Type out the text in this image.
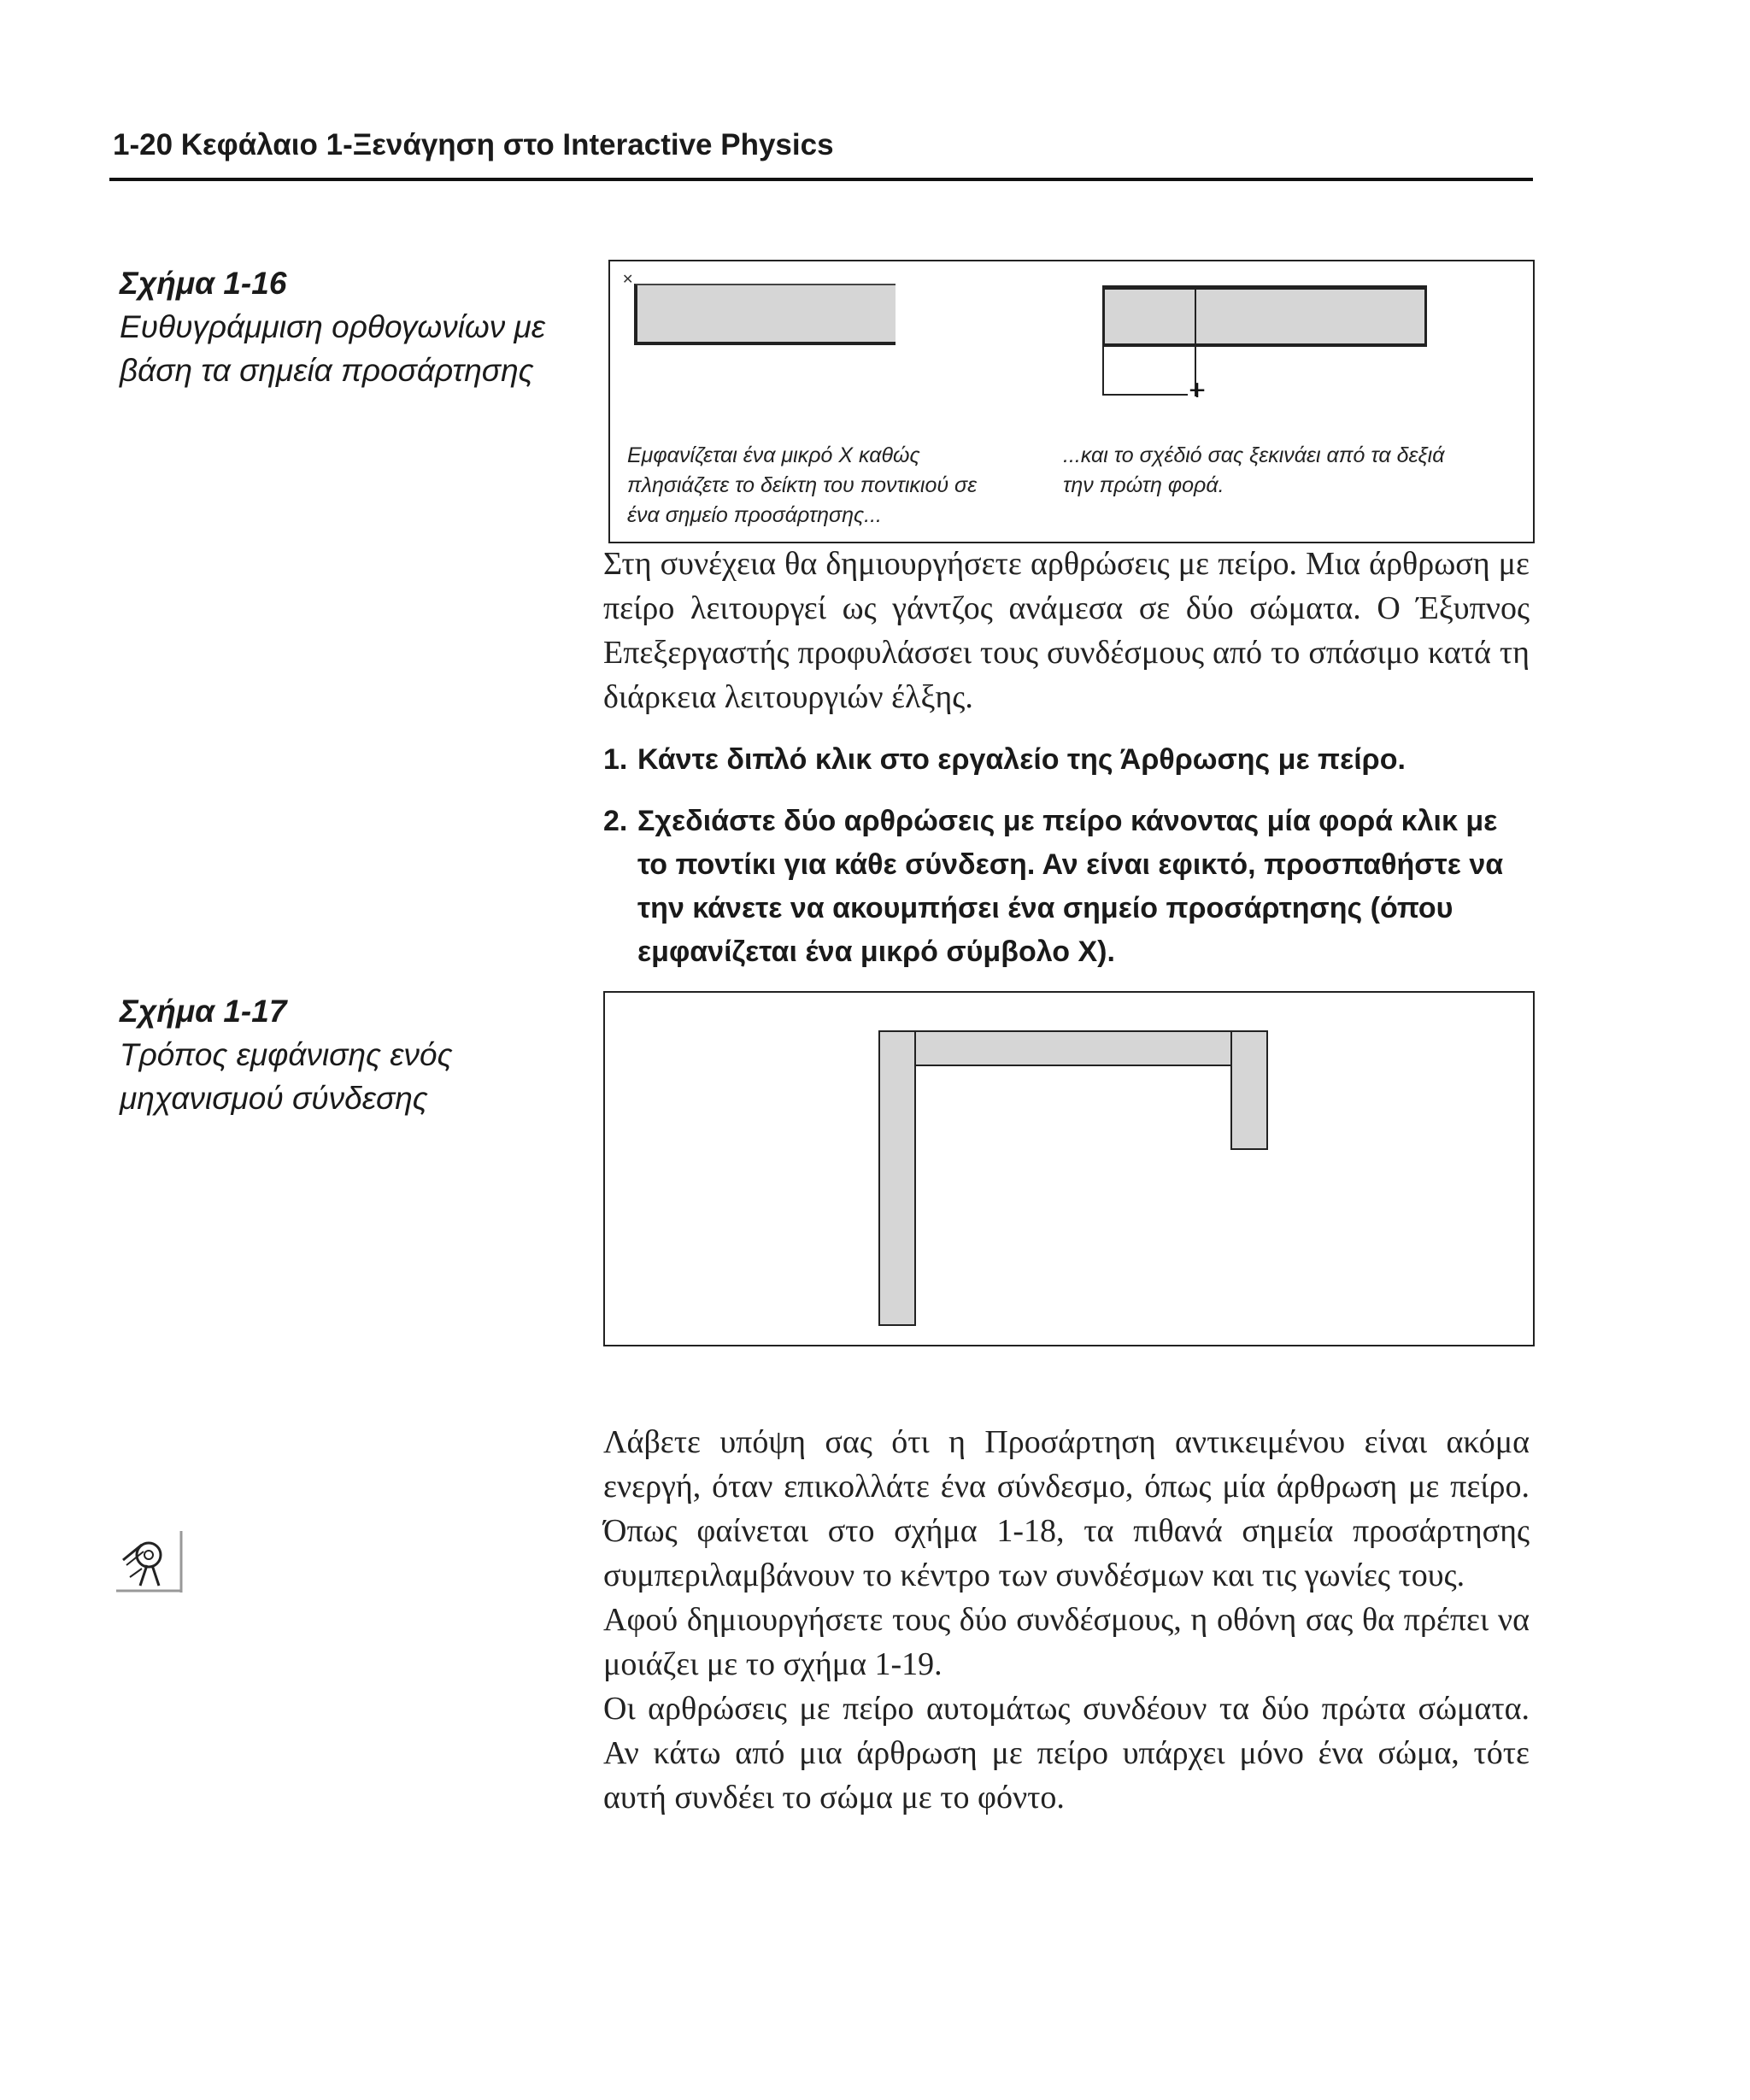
1-20 Κεφάλαιο 1-Ξενάγηση στο Interactive Physics
Σχήμα 1-16
Ευθυγράμμιση ορθογωνίων με βάση τα σημεία προσάρτησης
✕
+
Εμφανίζεται ένα μικρό Χ καθώς πλησιάζετε το δείκτη του ποντικιού σε ένα σημείο προσάρτησης...
...και το σχέδιό σας ξεκινάει από τα δεξιά την πρώτη φορά.

Στη συνέχεια θα δημιουργήσετε αρθρώσεις με πείρο. Μια άρθρωση με πείρο λειτουργεί ως γάντζος ανάμεσα σε δύο σώματα. Ο Έξυπνος Επεξεργαστής προφυλάσσει τους συνδέσμους από το σπάσιμο κατά τη διάρκεια λειτουργιών έλξης.

1. Κάντε διπλό κλικ στο εργαλείο της Άρθρωσης με πείρο.
2. Σχεδιάστε δύο αρθρώσεις με πείρο κάνοντας μία φορά κλικ με το ποντίκι για κάθε σύνδεση. Αν είναι εφικτό, προσπαθήστε να την κάνετε να ακουμπήσει ένα σημείο προσάρτησης (όπου εμφανίζεται ένα μικρό σύμβολο Χ).
Σχήμα 1-17
Τρόπος εμφάνισης ενός μηχανισμού σύνδεσης

Λάβετε υπόψη σας ότι η Προσάρτηση αντικειμένου είναι ακόμα ενεργή, όταν επικολλάτε ένα σύνδεσμο, όπως μία άρθρωση με πείρο. Όπως φαίνεται στο σχήμα 1-18, τα πιθανά σημεία προσάρτησης συμπεριλαμβάνουν το κέντρο των συνδέσμων και τις γωνίες τους.

Αφού δημιουργήσετε τους δύο συνδέσμους, η οθόνη σας θα πρέπει να μοιάζει με το σχήμα 1-19.

Οι αρθρώσεις με πείρο αυτομάτως συνδέουν τα δύο πρώτα σώματα. Αν κάτω από μια άρθρωση με πείρο υπάρχει μόνο ένα σώμα, τότε αυτή συνδέει το σώμα με το φόντο.
